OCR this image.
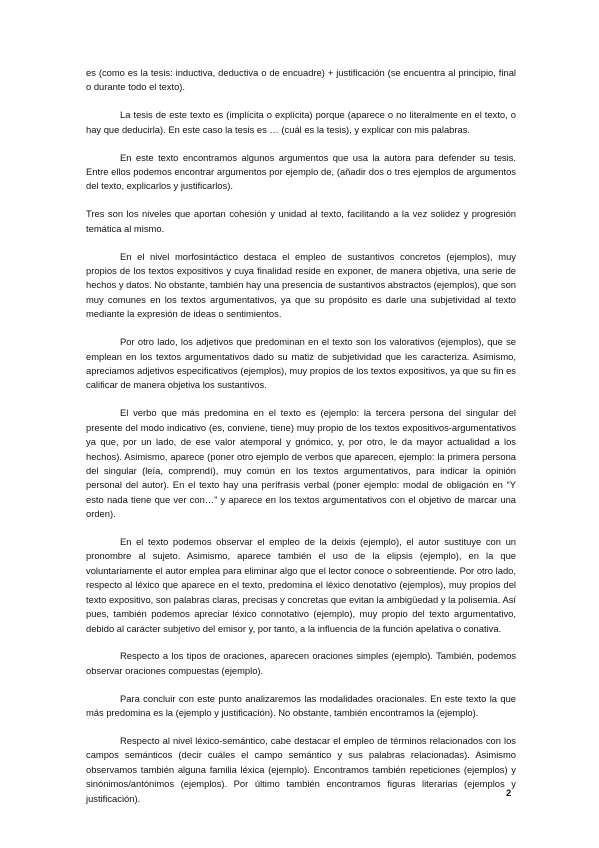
es (como es la tesis: inductiva, deductiva o de encuadre) + justificación (se encuentra al principio, final o durante todo el texto).

La tesis de este texto es (implícita o explícita) porque (aparece o no literalmente en el texto, o hay que deducirla). En este caso la tesis es … (cuál es la tesis), y explicar con mis palabras.

En este texto encontramos algunos argumentos que usa la autora para defender su tesis. Entre ellos podemos encontrar argumentos por ejemplo de, (añadir dos o tres ejemplos de argumentos del texto, explicarlos y justificarlos).

Tres son los niveles que aportan cohesión y unidad al texto, facilitando a la vez solidez y progresión temática al mismo.

En el nivel morfosintáctico destaca el empleo de sustantivos concretos (ejemplos), muy propios de los textos expositivos y cuya finalidad reside en exponer, de manera objetiva, una serie de hechos y datos. No obstante, también hay una presencia de sustantivos abstractos (ejemplos), que son muy comunes en los textos argumentativos, ya que su propósito es darle una subjetividad al texto mediante la expresión de ideas o sentimientos.

Por otro lado, los adjetivos que predominan en el texto son los valorativos (ejemplos), que se emplean en los textos argumentativos dado su matiz de subjetividad que les caracteriza. Asimismo, apreciamos adjetivos especificativos (ejemplos), muy propios de los textos expositivos, ya que su fin es calificar de manera objetiva los sustantivos.

El verbo que más predomina en el texto es (ejemplo: la tercera persona del singular del presente del modo indicativo (es, conviene, tiene) muy propio de los textos expositivos-argumentativos ya que, por un lado, de ese valor atemporal y gnómico, y, por otro, le da mayor actualidad a los hechos). Asimismo, aparece (poner otro ejemplo de verbos que aparecen, ejemplo: la primera persona del singular (leía, comprendí), muy común en los textos argumentativos, para indicar la opinión personal del autor). En el texto hay una perífrasis verbal (poner ejemplo: modal de obligación en “Y esto nada tiene que ver con…” y aparece en los textos argumentativos con el objetivo de marcar una orden).

En el texto podemos observar el empleo de la deixis (ejemplo), el autor sustituye con un pronombre al sujeto. Asimismo, aparece también el uso de la elipsis (ejemplo), en la que voluntariamente el autor emplea para eliminar algo que el lector conoce o sobreentiende. Por otro lado, respecto al léxico que aparece en el texto, predomina el léxico denotativo (ejemplos), muy propios del texto expositivo, son palabras claras, precisas y concretas que evitan la ambigüedad y la polisemia. Así pues, también podemos apreciar léxico connotativo (ejemplo), muy propio del texto argumentativo, debido al carácter subjetivo del emisor y, por tanto, a la influencia de la función apelativa o conativa.

Respecto a los tipos de oraciones, aparecen oraciones simples (ejemplo). También, podemos observar oraciones compuestas (ejemplo).

Para concluir con este punto analizaremos las modalidades oracionales. En este texto la que más predomina es la (ejemplo y justificación). No obstante, también encontramos la (ejemplo).

Respecto al nivel léxico-semántico, cabe destacar el empleo de términos relacionados con los campos semánticos (decir cuáles el campo semántico y sus palabras relacionadas). Asimismo observamos también alguna familia léxica (ejemplo). Encontramos también repeticiones (ejemplos) y sinónimos/antónimos (ejemplos). Por último también encontramos figuras literarias (ejemplos y justificación).	2
